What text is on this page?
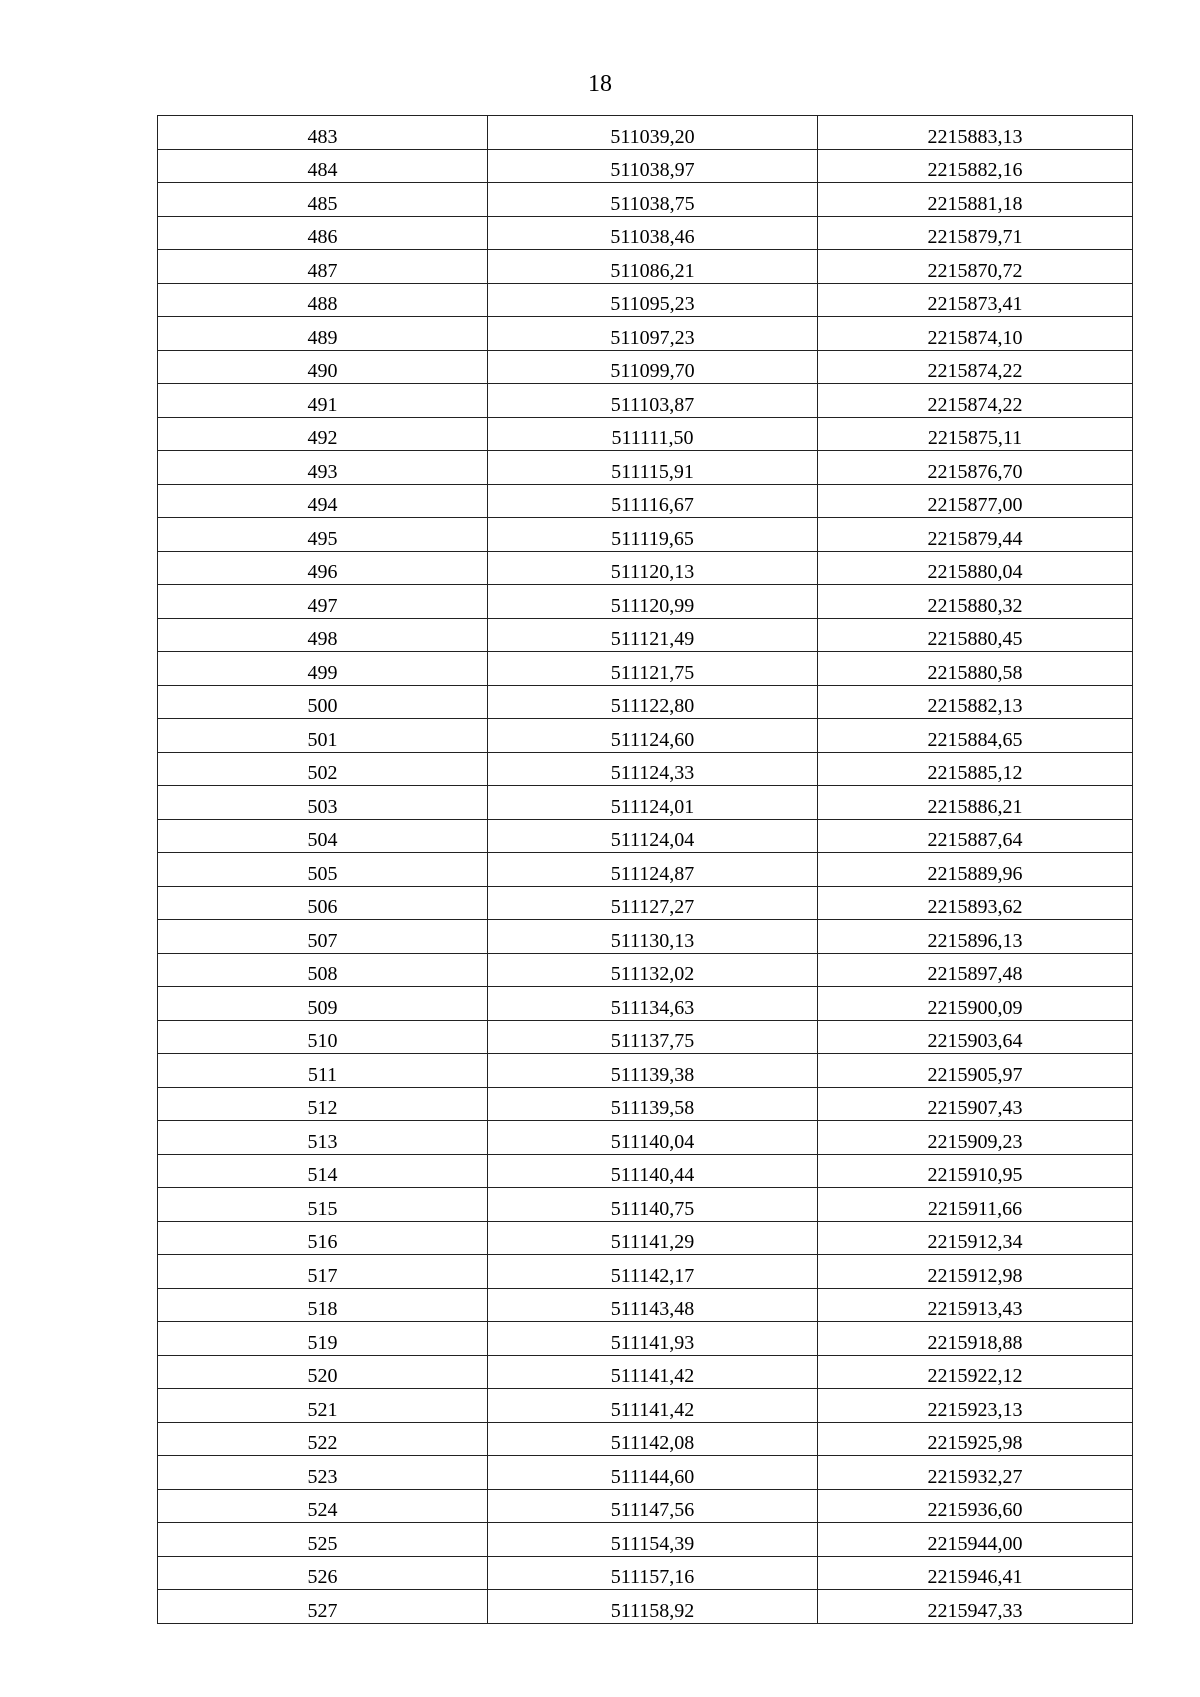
18
483	511039,20	2215883,13
484	511038,97	2215882,16
485	511038,75	2215881,18
486	511038,46	2215879,71
487	511086,21	2215870,72
488	511095,23	2215873,41
489	511097,23	2215874,10
490	511099,70	2215874,22
491	511103,87	2215874,22
492	511111,50	2215875,11
493	511115,91	2215876,70
494	511116,67	2215877,00
495	511119,65	2215879,44
496	511120,13	2215880,04
497	511120,99	2215880,32
498	511121,49	2215880,45
499	511121,75	2215880,58
500	511122,80	2215882,13
501	511124,60	2215884,65
502	511124,33	2215885,12
503	511124,01	2215886,21
504	511124,04	2215887,64
505	511124,87	2215889,96
506	511127,27	2215893,62
507	511130,13	2215896,13
508	511132,02	2215897,48
509	511134,63	2215900,09
510	511137,75	2215903,64
511	511139,38	2215905,97
512	511139,58	2215907,43
513	511140,04	2215909,23
514	511140,44	2215910,95
515	511140,75	2215911,66
516	511141,29	2215912,34
517	511142,17	2215912,98
518	511143,48	2215913,43
519	511141,93	2215918,88
520	511141,42	2215922,12
521	511141,42	2215923,13
522	511142,08	2215925,98
523	511144,60	2215932,27
524	511147,56	2215936,60
525	511154,39	2215944,00
526	511157,16	2215946,41
527	511158,92	2215947,33
